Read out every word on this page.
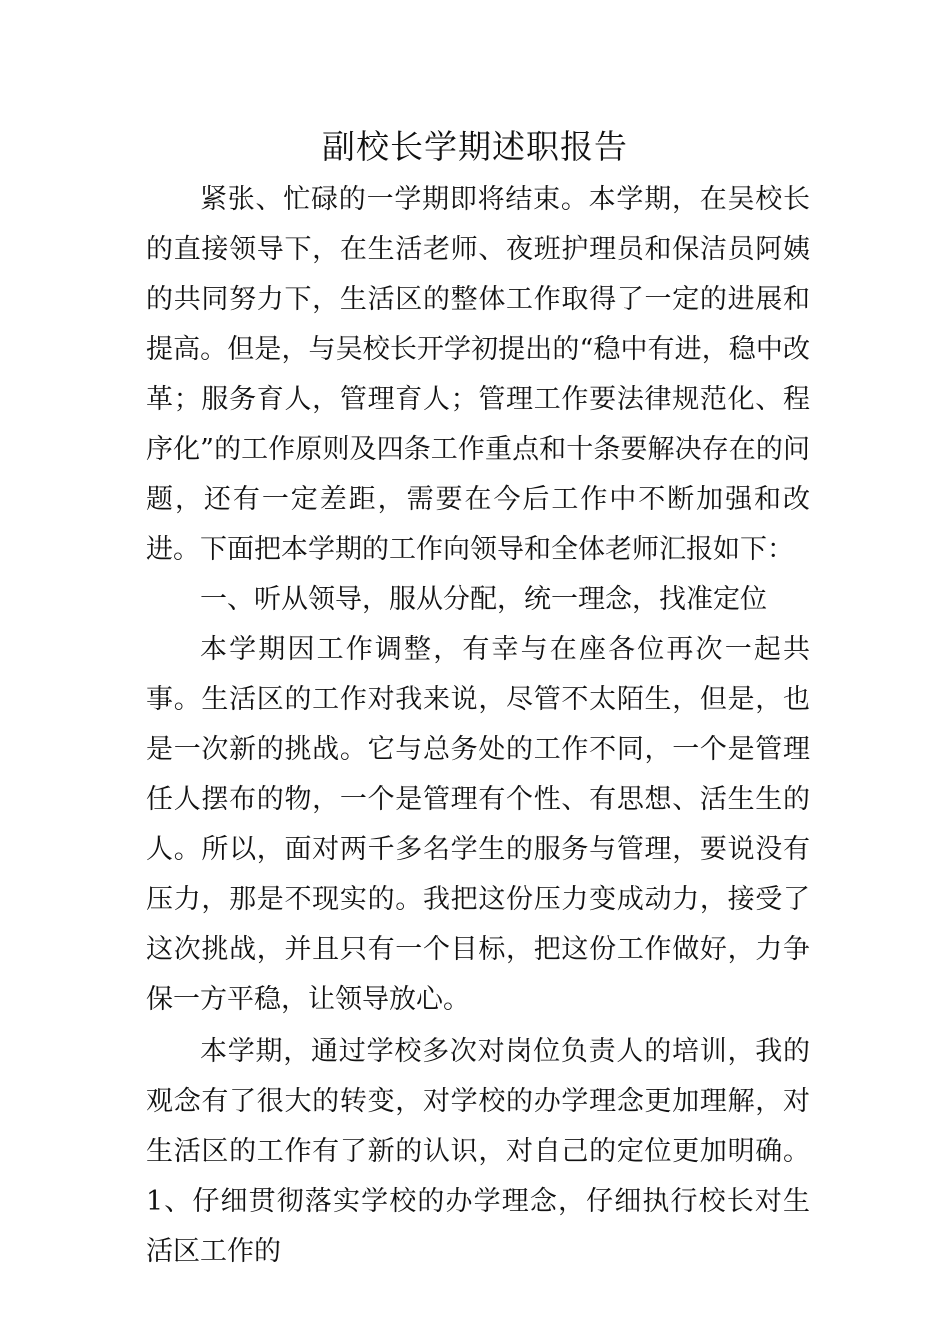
副校长学期述职报告

紧张、忙碌的一学期即将结束。本学期，在吴校长的直接领导下，在生活老师、夜班护理员和保洁员阿姨的共同努力下，生活区的整体工作取得了一定的进展和提高。但是，与吴校长开学初提出的“稳中有进，稳中改革；服务育人，管理育人；管理工作要法律规范化、程序化”的工作原则及四条工作重点和十条要解决存在的问题，还有一定差距，需要在今后工作中不断加强和改进。下面把本学期的工作向领导和全体老师汇报如下：

一、听从领导，服从分配，统一理念，找准定位

本学期因工作调整，有幸与在座各位再次一起共事。生活区的工作对我来说，尽管不太陌生，但是，也是一次新的挑战。它与总务处的工作不同，一个是管理任人摆布的物，一个是管理有个性、有思想、活生生的人。所以，面对两千多名学生的服务与管理，要说没有压力，那是不现实的。我把这份压力变成动力，接受了这次挑战，并且只有一个目标，把这份工作做好，力争保一方平稳，让领导放心。

本学期，通过学校多次对岗位负责人的培训，我的观念有了很大的转变，对学校的办学理念更加理解，对生活区的工作有了新的认识，对自己的定位更加明确。1、仔细贯彻落实学校的办学理念，仔细执行校长对生活区工作的
